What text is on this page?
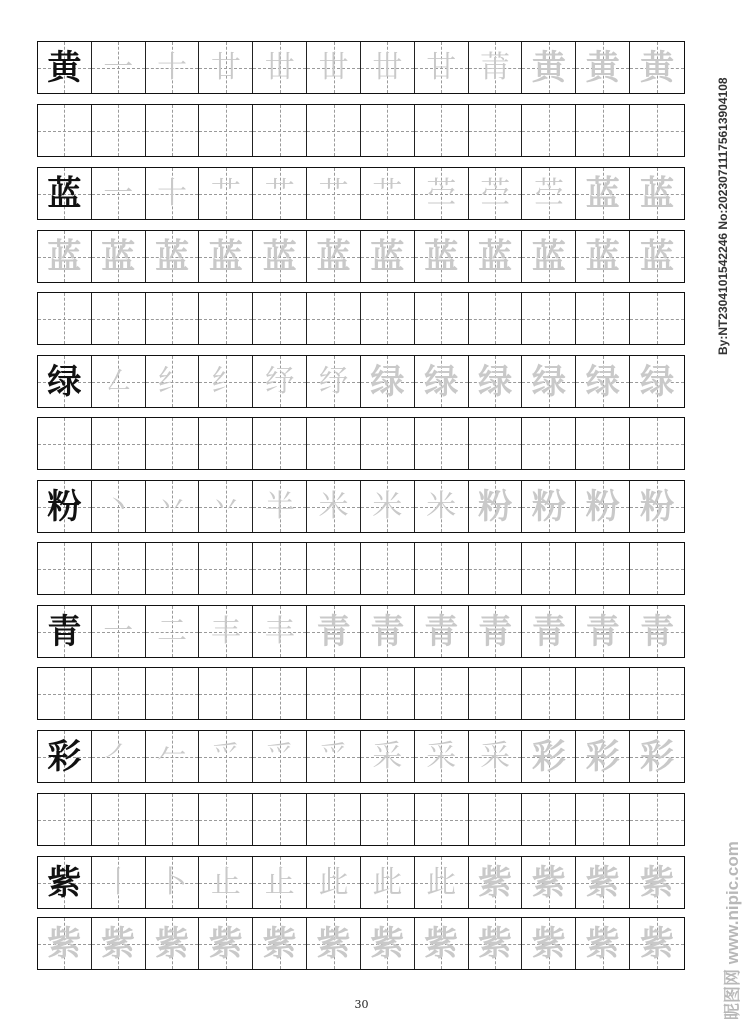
黄 一 十 廿 丗 丗 丗 甘 莆 黄 黄 黄
蓝 一 十 艹 艹 艹 艹 苎 苎 苎 蓝 蓝
蓝 蓝 蓝 蓝 蓝 蓝 蓝 蓝 蓝 蓝 蓝 蓝
绿 ㇜ 纟 纟 纾 纾 绿 绿 绿 绿 绿 绿
粉 丶 丷 丷 半 米 米 米 粉 粉 粉 粉
青 一 二 丰 丰 青 青 青 青 青 青 青
彩 ㇒ 𠂉 爫 爫 爫 采 采 采 彩 彩 彩
紫 丨 卜 止 止 此 此 此 紫 紫 紫 紫
紫 紫 紫 紫 紫 紫 紫 紫 紫 紫 紫 紫
30
By:NT2304101542246 No:20230711175613904108
昵图网 www.nipic.com
